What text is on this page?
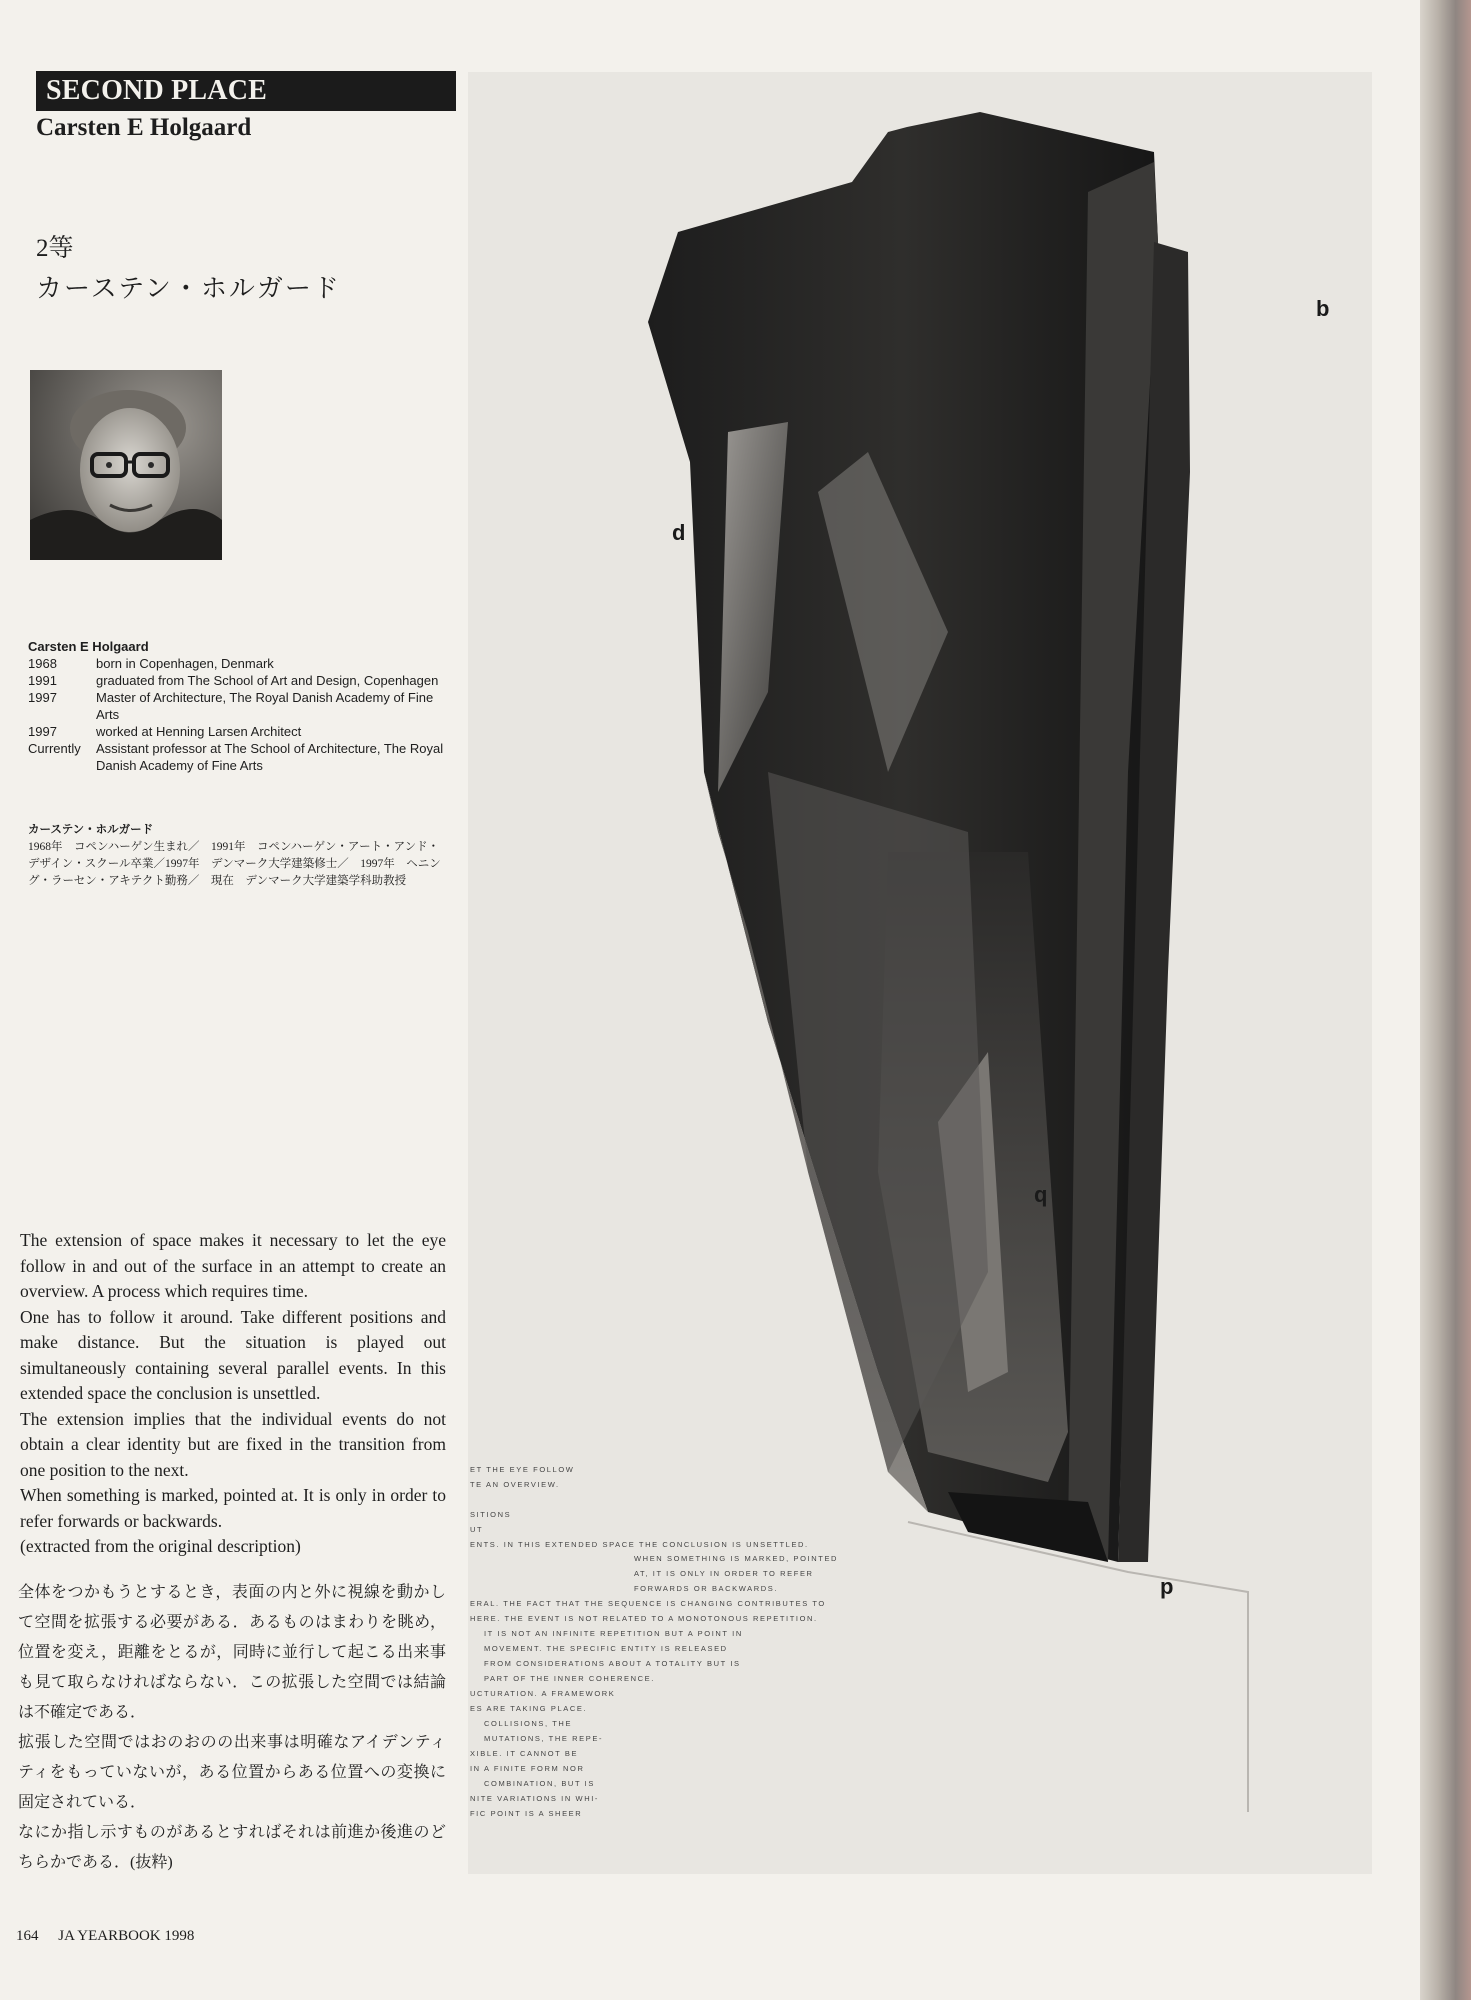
SECOND PLACE
Carsten E Holgaard
2等
カーステン・ホルガード
Carsten E Holgaard
1968	born in Copenhagen, Denmark
1991	graduated from The School of Art and Design, Copenhagen
1997	Master of Architecture, The Royal Danish Academy of Fine Arts
1997	worked at Henning Larsen Architect
Currently Assistant professor at The School of Architecture, The Royal Danish Academy of Fine Arts
カーステン・ホルガード
1968年　コペンハーゲン生まれ／　1991年　コペンハーゲン・アート・アンド・デザイン・スクール卒業／1997年　デンマーク大学建築修士／　1997年　ヘニング・ラーセン・アキテクト勤務／　現在　デンマーク大学建築学科助教授

The extension of space makes it necessary to let the eye follow in and out of the surface in an attempt to create an overview. A process which requires time.

One has to follow it around. Take different positions and make distance. But the situation is played out simultaneously containing several parallel events. In this extended space the conclusion is unsettled.

The extension implies that the individual events do not obtain a clear identity but are fixed in the transition from one position to the next.

When something is marked, pointed at. It is only in order to refer forwards or backwards.

(extracted from the original description)

全体をつかもうとするとき，表面の内と外に視線を動かして空間を拡張する必要がある．あるものはまわりを眺め，位置を変え，距離をとるが，同時に並行して起こる出来事も見て取らなければならない．この拡張した空間では結論は不確定である．

拡張した空間ではおのおのの出来事は明確なアイデンティティをもっていないが，ある位置からある位置への変換に固定されている．

なにか指し示すものがあるとすればそれは前進か後進のどちらかである．(抜粋)

164 JA YEARBOOK 1998
b
d
q
p
ET THE EYE FOLLOW
TE AN OVERVIEW.
SITIONS
UT
ENTS. IN THIS EXTENDED SPACE THE CONCLUSION IS UNSETTLED.
WHEN SOMETHING IS MARKED, POINTED
AT, IT IS ONLY IN ORDER TO REFER
FORWARDS OR BACKWARDS.
ERAL. THE FACT THAT THE SEQUENCE IS CHANGING CONTRIBUTES TO
HERE. THE EVENT IS NOT RELATED TO A MONOTONOUS REPETITION.
IT IS NOT AN INFINITE REPETITION BUT A POINT IN
MOVEMENT. THE SPECIFIC ENTITY IS RELEASED
FROM CONSIDERATIONS ABOUT A TOTALITY BUT IS
PART OF THE INNER COHERENCE.
UCTURATION. A FRAMEWORK
ES ARE TAKING PLACE.
COLLISIONS, THE
MUTATIONS, THE REPE-
XIBLE. IT CANNOT BE
IN A FINITE FORM NOR
COMBINATION, BUT IS
NITE VARIATIONS IN WHI-
FIC POINT IS A SHEER
